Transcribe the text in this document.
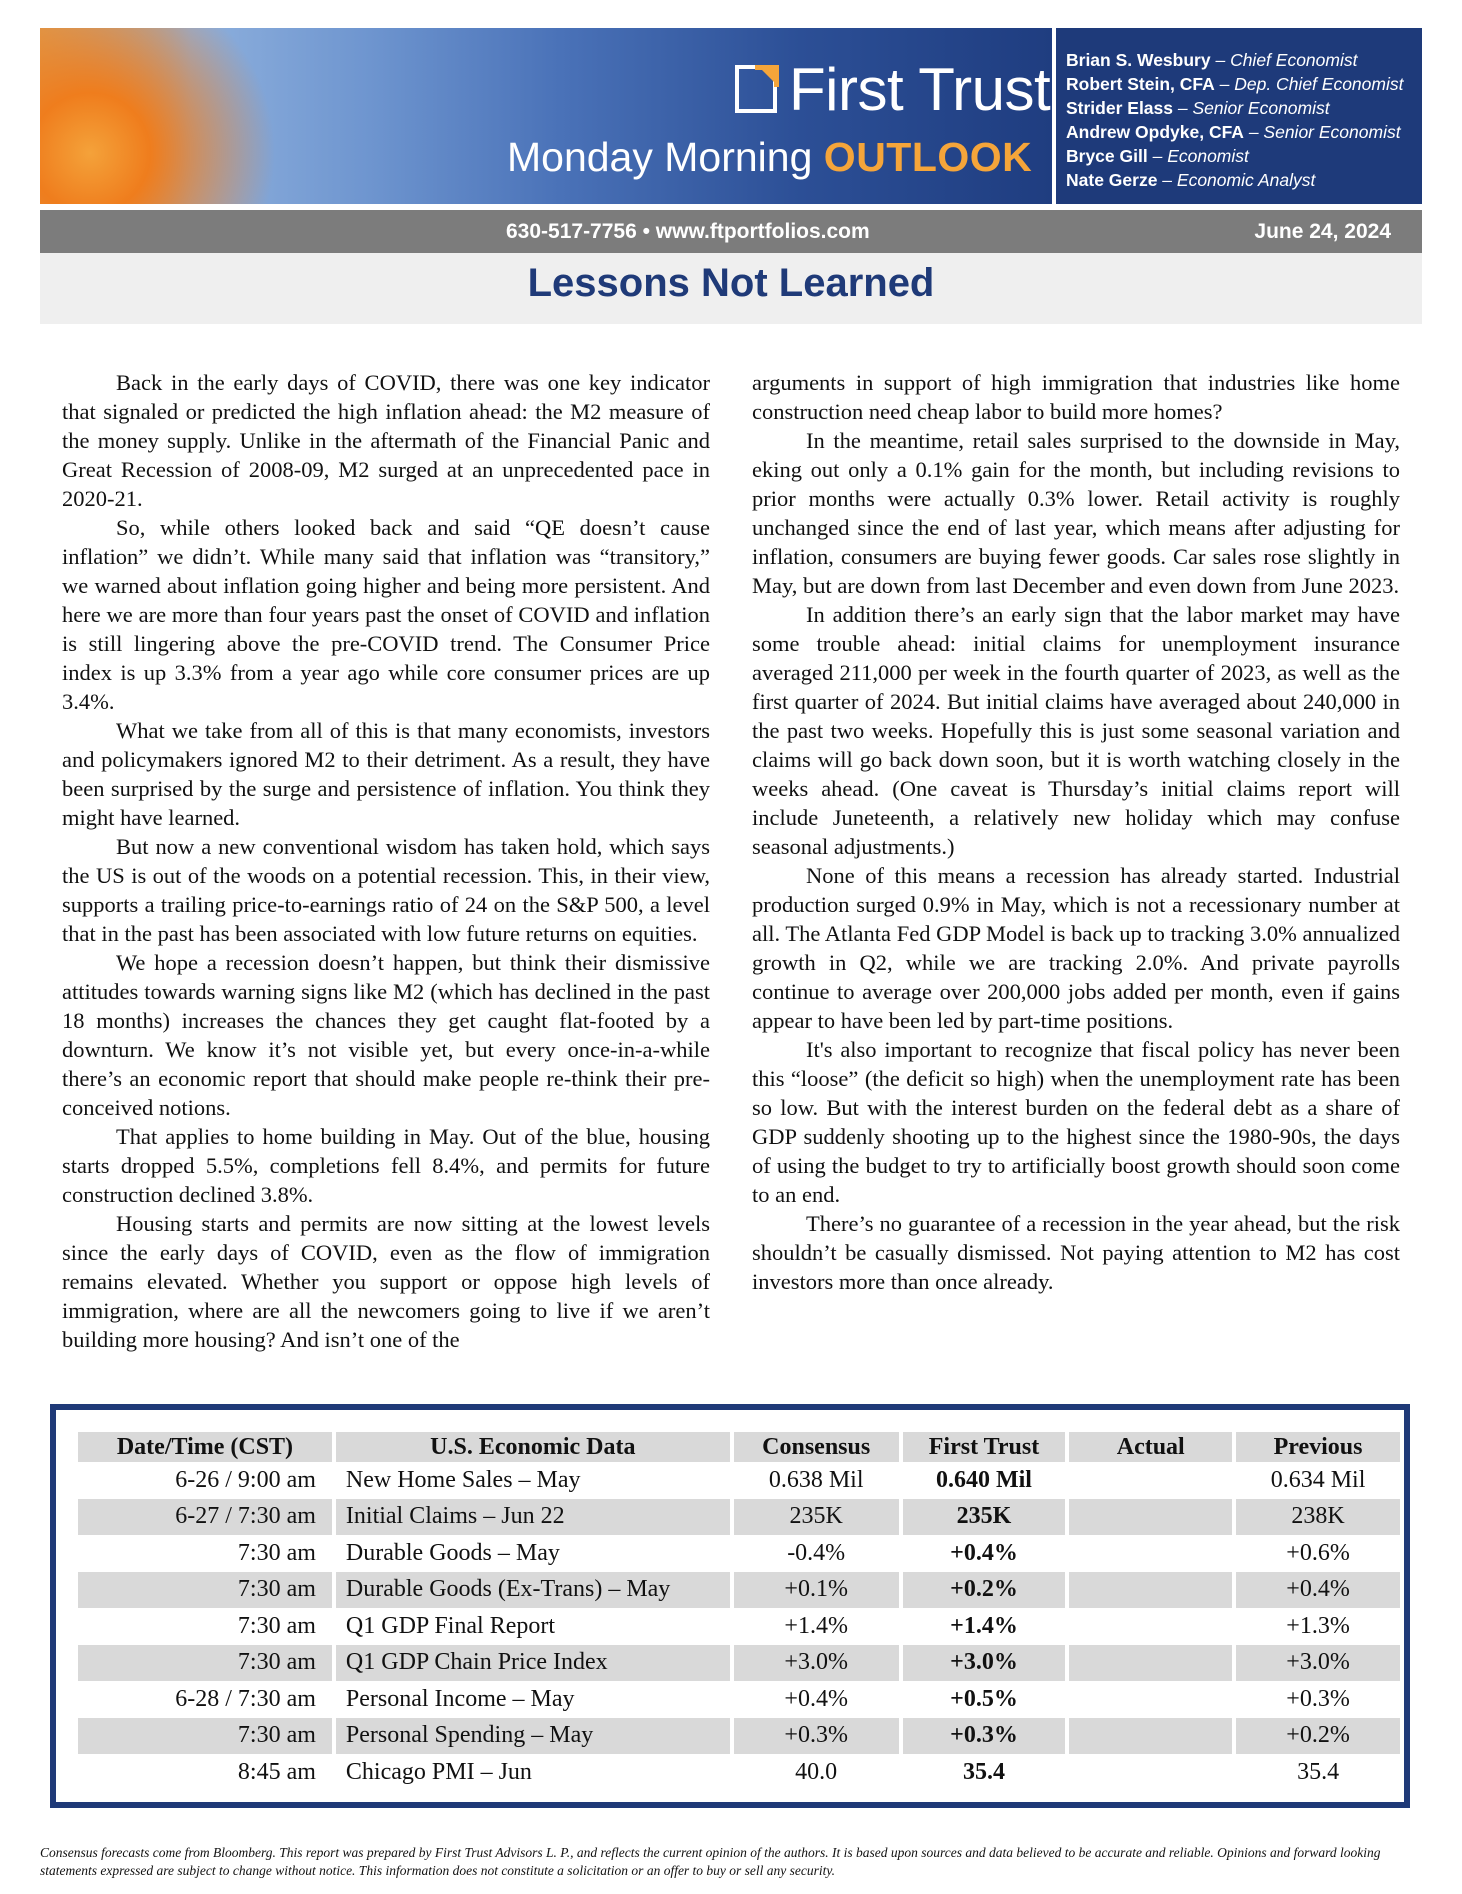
First Trust
Monday Morning OUTLOOK
Brian S. Wesbury – Chief Economist
Robert Stein, CFA – Dep. Chief Economist
Strider Elass – Senior Economist
Andrew Opdyke, CFA – Senior Economist
Bryce Gill – Economist
Nate Gerze – Economic Analyst
630-517-7756 • www.ftportfolios.com	June 24, 2024
Lessons Not Learned

Back in the early days of COVID, there was one key indicator that signaled or predicted the high inflation ahead: the M2 measure of the money supply. Unlike in the aftermath of the Financial Panic and Great Recession of 2008-09, M2 surged at an unprecedented pace in 2020-21.

So, while others looked back and said “QE doesn’t cause inflation” we didn’t. While many said that inflation was “transitory,” we warned about inflation going higher and being more persistent. And here we are more than four years past the onset of COVID and inflation is still lingering above the pre-COVID trend. The Consumer Price index is up 3.3% from a year ago while core consumer prices are up 3.4%.

What we take from all of this is that many economists, investors and policymakers ignored M2 to their detriment. As a result, they have been surprised by the surge and persistence of inflation. You think they might have learned.

But now a new conventional wisdom has taken hold, which says the US is out of the woods on a potential recession. This, in their view, supports a trailing price-to-earnings ratio of 24 on the S&P 500, a level that in the past has been associated with low future returns on equities.

We hope a recession doesn’t happen, but think their dismissive attitudes towards warning signs like M2 (which has declined in the past 18 months) increases the chances they get caught flat-footed by a downturn. We know it’s not visible yet, but every once-in-a-while there’s an economic report that should make people re-think their pre-conceived notions.

That applies to home building in May. Out of the blue, housing starts dropped 5.5%, completions fell 8.4%, and permits for future construction declined 3.8%.

Housing starts and permits are now sitting at the lowest levels since the early days of COVID, even as the flow of immigration remains elevated. Whether you support or oppose high levels of immigration, where are all the newcomers going to live if we aren’t building more housing? And isn’t one of the

arguments in support of high immigration that industries like home construction need cheap labor to build more homes?

In the meantime, retail sales surprised to the downside in May, eking out only a 0.1% gain for the month, but including revisions to prior months were actually 0.3% lower. Retail activity is roughly unchanged since the end of last year, which means after adjusting for inflation, consumers are buying fewer goods. Car sales rose slightly in May, but are down from last December and even down from June 2023.

In addition there’s an early sign that the labor market may have some trouble ahead: initial claims for unemployment insurance averaged 211,000 per week in the fourth quarter of 2023, as well as the first quarter of 2024. But initial claims have averaged about 240,000 in the past two weeks. Hopefully this is just some seasonal variation and claims will go back down soon, but it is worth watching closely in the weeks ahead. (One caveat is Thursday’s initial claims report will include Juneteenth, a relatively new holiday which may confuse seasonal adjustments.)

None of this means a recession has already started. Industrial production surged 0.9% in May, which is not a recessionary number at all. The Atlanta Fed GDP Model is back up to tracking 3.0% annualized growth in Q2, while we are tracking 2.0%. And private payrolls continue to average over 200,000 jobs added per month, even if gains appear to have been led by part-time positions.

It's also important to recognize that fiscal policy has never been this “loose” (the deficit so high) when the unemployment rate has been so low. But with the interest burden on the federal debt as a share of GDP suddenly shooting up to the highest since the 1980-90s, the days of using the budget to try to artificially boost growth should soon come to an end.

There’s no guarantee of a recession in the year ahead, but the risk shouldn’t be casually dismissed. Not paying attention to M2 has cost investors more than once already.

Date/Time (CST)	U.S. Economic Data	Consensus	First Trust	Actual	Previous
6-26 / 9:00 am	New Home Sales – May	0.638 Mil	0.640 Mil		0.634 Mil
6-27 / 7:30 am	Initial Claims – Jun 22	235K	235K		238K
7:30 am	Durable Goods – May	-0.4%	+0.4%		+0.6%
7:30 am	Durable Goods (Ex-Trans) – May	+0.1%	+0.2%		+0.4%
7:30 am	Q1 GDP Final Report	+1.4%	+1.4%		+1.3%
7:30 am	Q1 GDP Chain Price Index	+3.0%	+3.0%		+3.0%
6-28 / 7:30 am	Personal Income – May	+0.4%	+0.5%		+0.3%
7:30 am	Personal Spending – May	+0.3%	+0.3%		+0.2%
8:45 am	Chicago PMI – Jun	40.0	35.4		35.4
Consensus forecasts come from Bloomberg. This report was prepared by First Trust Advisors L. P., and reflects the current opinion of the authors. It is based upon sources and data believed to be accurate and reliable. Opinions and forward looking statements expressed are subject to change without notice. This information does not constitute a solicitation or an offer to buy or sell any security.
